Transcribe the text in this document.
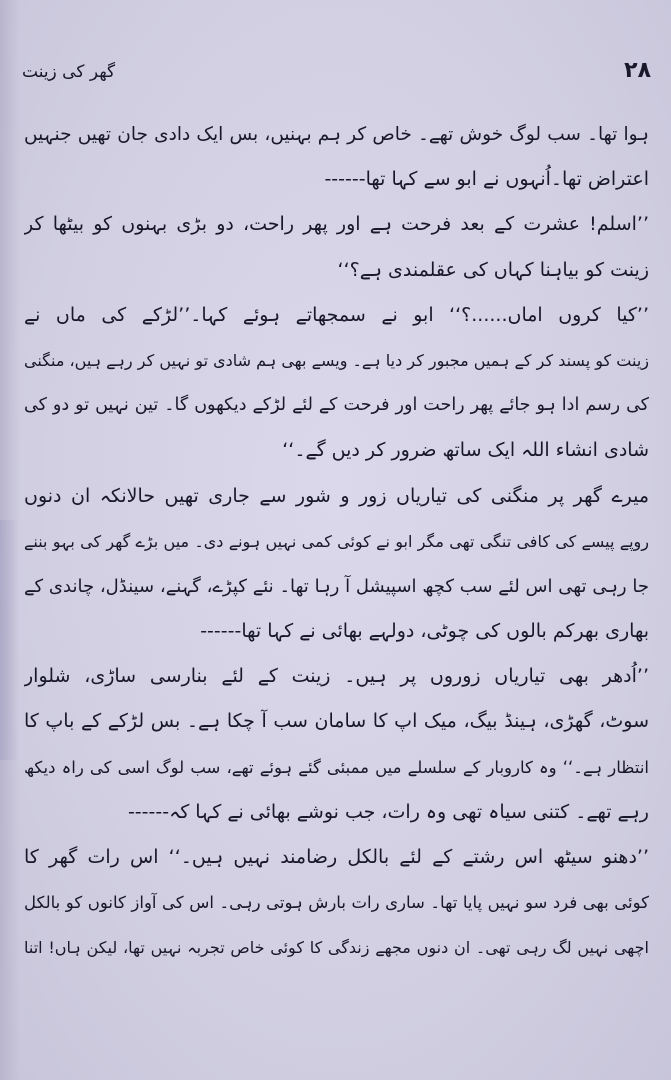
گھر کی زینت	۲۸
ہوا تھا۔ سب لوگ خوش تھے۔ خاص کر ہم بہنیں، بس ایک دادی جان تھیں جنہیں
اعتراض تھا۔اُنہوں نے ابو سے کہا تھا------
’’اسلم! عشرت کے بعد فرحت ہے اور پھر راحت، دو بڑی بہنوں کو بیٹھا کر
زینت کو بیاہنا کہاں کی عقلمندی ہے؟‘‘
’’کیا کروں اماں......؟‘‘ ابو نے سمجھاتے ہوئے کہا۔’’لڑکے کی ماں نے
زینت کو پسند کر کے ہمیں مجبور کر دیا ہے۔ ویسے بھی ہم شادی تو نہیں کر رہے ہیں، منگنی
کی رسم ادا ہو جائے پھر راحت اور فرحت کے لئے لڑکے دیکھوں گا۔ تین نہیں تو دو کی
شادی انشاء اللہ ایک ساتھ ضرور کر دیں گے۔‘‘
میرے گھر پر منگنی کی تیاریاں زور و شور سے جاری تھیں حالانکہ ان دنوں
روپے پیسے کی کافی تنگی تھی مگر ابو نے کوئی کمی نہیں ہونے دی۔ میں بڑے گھر کی بہو بننے
جا رہی تھی اس لئے سب کچھ اسپیشل آ رہا تھا۔ نئے کپڑے، گہنے، سینڈل، چاندی کے
بھاری بھرکم بالوں کی چوٹی، دولہے بھائی نے کہا تھا------
’’اُدھر بھی تیاریاں زوروں پر ہیں۔ زینت کے لئے بنارسی ساڑی، شلوار
سوٹ، گھڑی، ہینڈ بیگ، میک اپ کا سامان سب آ چکا ہے۔ بس لڑکے کے باپ کا
انتظار ہے۔‘‘ وہ کاروبار کے سلسلے میں ممبئی گئے ہوئے تھے، سب لوگ اسی کی راہ دیکھ
رہے تھے۔ کتنی سیاہ تھی وہ رات، جب نوشے بھائی نے کہا کہ------
’’دھنو سیٹھ اس رشتے کے لئے بالکل رضامند نہیں ہیں۔‘‘ اس رات گھر کا
کوئی بھی فرد سو نہیں پایا تھا۔ ساری رات بارش ہوتی رہی۔ اس کی آواز کانوں کو بالکل
اچھی نہیں لگ رہی تھی۔ ان دنوں مجھے زندگی کا کوئی خاص تجربہ نہیں تھا، لیکن ہاں! اتنا
